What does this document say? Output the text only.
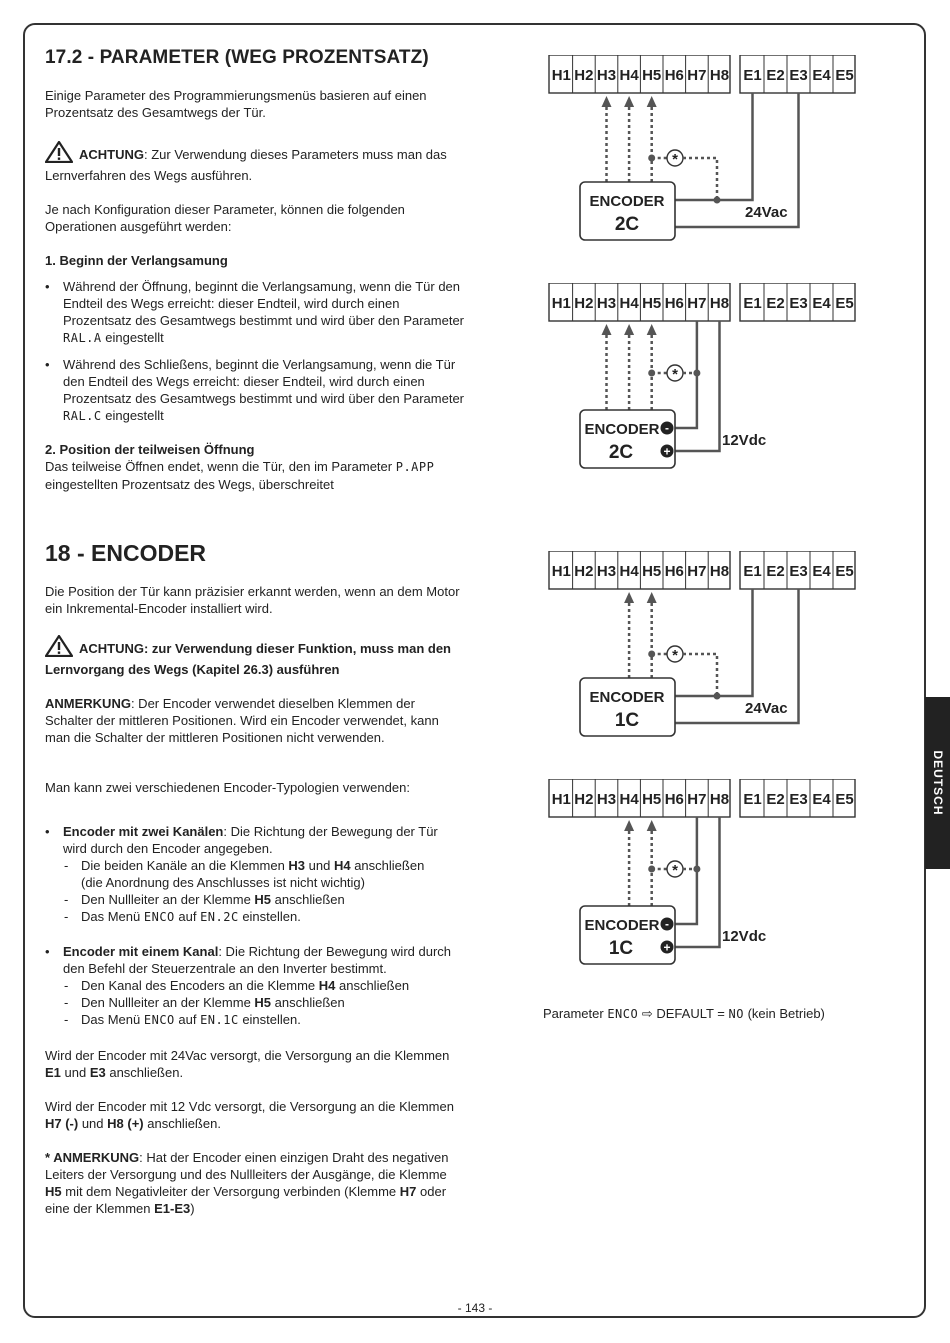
DEUTSCH
17.2 - PARAMETER (WEG PROZENTSATZ)

Einige Parameter des Programmierungsmenüs basieren auf einen Prozentsatz des Gesamtwegs der Tür.

ACHTUNG: Zur Verwendung dieses Parameters muss man das Lernverfahren des Wegs ausführen.

Je nach Konfiguration dieser Parameter, können die folgenden Operationen ausgeführt werden:

1. Beginn der Verlangsamung

• Während der Öffnung, beginnt die Verlangsamung, wenn die Tür den Endteil des Wegs erreicht: dieser Endteil, wird durch einen Prozentsatz des Gesamtwegs bestimmt und wird über den Parameter RAL.A eingestellt
• Während des Schließens, beginnt die Verlangsamung, wenn die Tür den Endteil des Wegs erreicht: dieser Endteil, wird durch einen Prozentsatz des Gesamtwegs bestimmt und wird über den Parameter RAL.C eingestellt

2. Position der teilweisen Öffnung

Das teilweise Öffnen endet, wenn die Tür, den im Parameter P.APP eingestellten Prozentsatz des Wegs, überschreitet

18 - ENCODER

Die Position der Tür kann präzisier erkannt werden, wenn an dem Motor ein Inkremental-Encoder installiert wird.

ACHTUNG: zur Verwendung dieser Funktion, muss man den Lernvorgang des Wegs (Kapitel 26.3) ausführen

ANMERKUNG: Der Encoder verwendet dieselben Klemmen der Schalter der mittleren Positionen. Wird ein Encoder verwendet, kann man die Schalter der mittleren Positionen nicht verwenden.

Man kann zwei verschiedenen Encoder-Typologien verwenden:

• Encoder mit zwei Kanälen: Die Richtung der Bewegung der Tür wird durch den Encoder angegeben.
- Die beiden Kanäle an die Klemmen H3 und H4 anschließen

(die Anordnung des Anschlusses ist nicht wichtig)

- Den Nullleiter an der Klemme H5 anschließen
- Das Menü ENCO auf EN.2C einstellen.
• Encoder mit einem Kanal: Die Richtung der Bewegung wird durch den Befehl der Steuerzentrale an den Inverter bestimmt.
- Den Kanal des Encoders an die Klemme H4 anschließen
- Den Nullleiter an der Klemme H5 anschließen
- Das Menü ENCO auf EN.1C einstellen.

Wird der Encoder mit 24Vac versorgt, die Versorgung an die Klemmen E1 und E3 anschließen.

Wird der Encoder mit 12 Vdc versorgt, die Versorgung an die Klemmen H7 (-) und H8 (+) anschließen.

* ANMERKUNG: Hat der Encoder einen einzigen Draht des negativen Leiters der Versorgung und des Nullleiters der Ausgänge, die Klemme H5 mit dem Negativleiter der Versorgung verbinden (Klemme H7 oder eine der Klemmen E1-E3)

H1 H2 H3 H4 H5 H6 H7 H8 E1 E2 E3 E4 E5
*
24Vac
ENCODER
2C
H1 H2 H3 H4 H5 H6 H7 H8 E1 E2 E3 E4 E5
*
12Vdc
ENCODER
2C
-
+
H1 H2 H3 H4 H5 H6 H7 H8 E1 E2 E3 E4 E5
*
24Vac
ENCODER
1C
H1 H2 H3 H4 H5 H6 H7 H8 E1 E2 E3 E4 E5
*
12Vdc
ENCODER
1C
-
+
Parameter ENCO ⇨ DEFAULT = NO (kein Betrieb)
- 143 -
